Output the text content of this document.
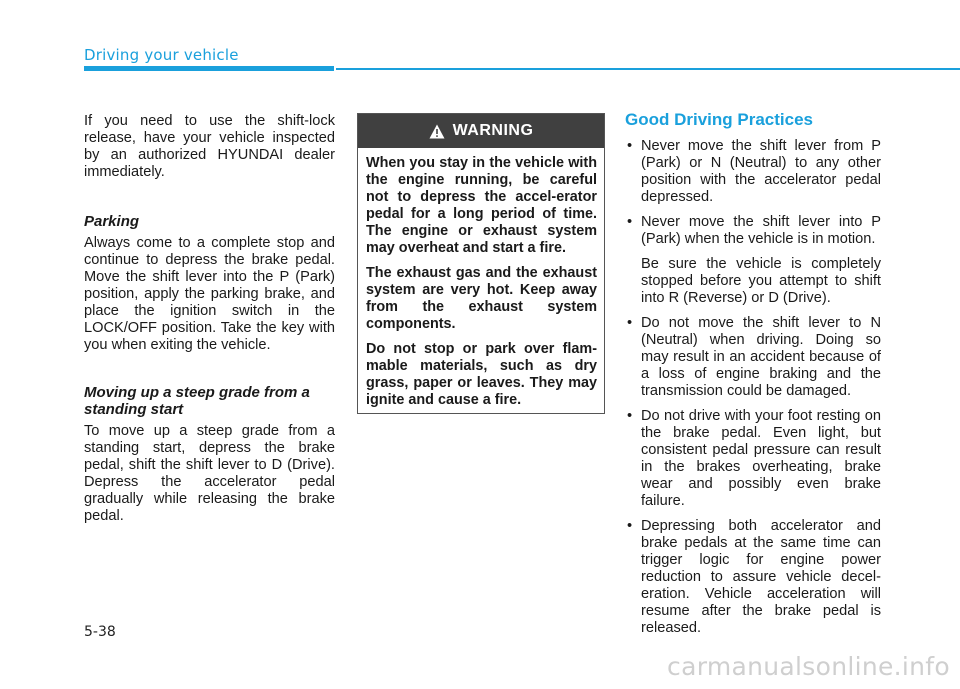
Driving your vehicle

If you need to use the shift-lock release, have your vehicle inspected by an authorized HYUNDAI dealer immediately.

Parking

Always come to a complete stop and continue to depress the brake pedal. Move the shift lever into the P (Park) position, apply the parking brake, and place the ignition switch in the LOCK/OFF position. Take the key with you when exiting the vehicle.

Moving up a steep grade from a standing start

To move up a steep grade from a standing start, depress the brake pedal, shift the shift lever to D (Drive). Depress the accelerator pedal gradually while releasing the brake pedal.

WARNING

When you stay in the vehicle with the engine running, be careful not to depress the accel-erator pedal for a long period of time. The engine or exhaust system may overheat and start a fire.

The exhaust gas and the exhaust system are very hot. Keep away from the exhaust system components.

Do not stop or park over flam-mable materials, such as dry grass, paper or leaves. They may ignite and cause a fire.

Good Driving Practices
• Never move the shift lever from P (Park) or N (Neutral) to any other position with the accelerator pedal depressed.
• Never move the shift lever into P (Park) when the vehicle is in motion.
Be sure the vehicle is completely stopped before you attempt to shift into R (Reverse) or D (Drive).
• Do not move the shift lever to N (Neutral) when driving. Doing so may result in an accident because of a loss of engine braking and the transmission could be damaged.
• Do not drive with your foot resting on the brake pedal. Even light, but consistent pedal pressure can result in the brakes overheating, brake wear and possibly even brake failure.
• Depressing both accelerator and brake pedals at the same time can trigger logic for engine power reduction to assure vehicle decel-eration. Vehicle acceleration will resume after the brake pedal is released.
5-38
carmanualsonline.info
